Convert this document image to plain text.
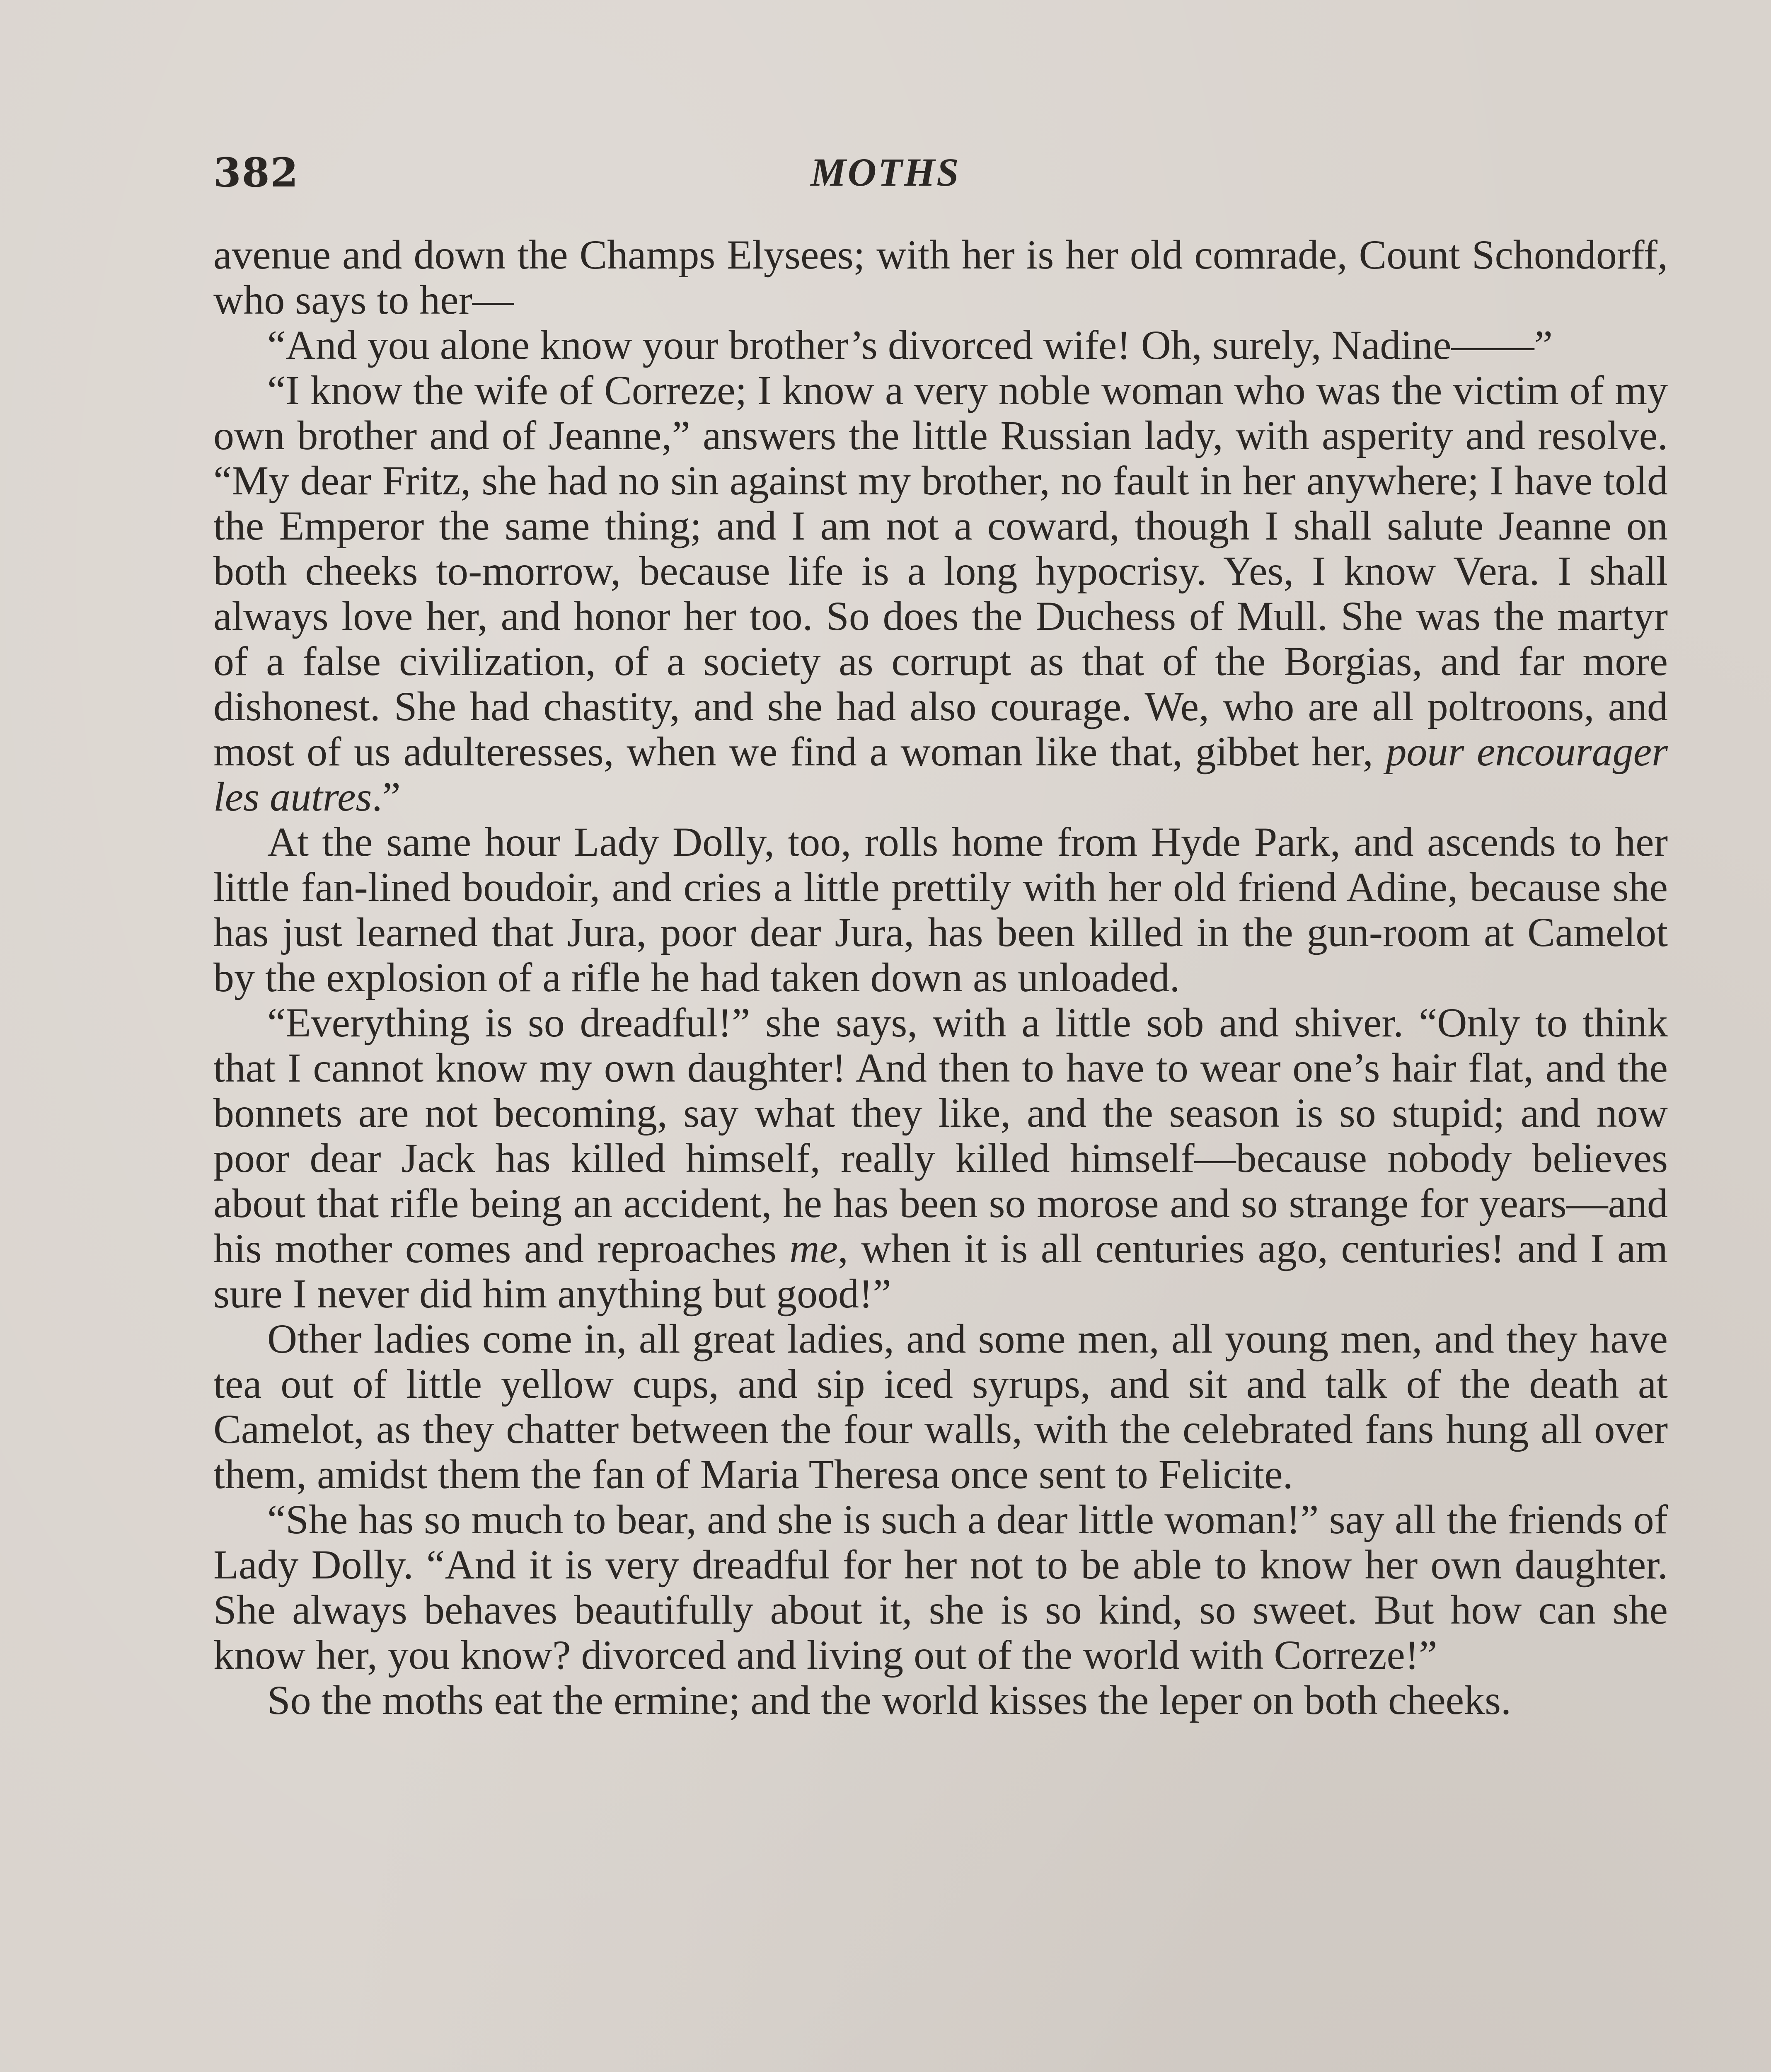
382	MOTHS

avenue and down the Champs Elysees; with her is her old comrade, Count Schondorff, who says to her—

“And you alone know your brother’s divorced wife! Oh, surely, Nadine——”

“I know the wife of Correze; I know a very noble woman who was the victim of my own brother and of Jeanne,” answers the little Russian lady, with asperity and resolve. “My dear Fritz, she had no sin against my brother, no fault in her anywhere; I have told the Emperor the same thing; and I am not a coward, though I shall salute Jeanne on both cheeks to-morrow, because life is a long hypocrisy. Yes, I know Vera. I shall always love her, and honor her too. So does the Duchess of Mull. She was the martyr of a false civilization, of a society as corrupt as that of the Borgias, and far more dishonest. She had chastity, and she had also courage. We, who are all poltroons, and most of us adulteresses, when we find a woman like that, gibbet her, pour encourager les autres.”

At the same hour Lady Dolly, too, rolls home from Hyde Park, and ascends to her little fan-lined boudoir, and cries a little prettily with her old friend Adine, because she has just learned that Jura, poor dear Jura, has been killed in the gun-room at Camelot by the explosion of a rifle he had taken down as unloaded.

“Everything is so dreadful!” she says, with a little sob and shiver. “Only to think that I cannot know my own daughter! And then to have to wear one’s hair flat, and the bonnets are not becoming, say what they like, and the season is so stupid; and now poor dear Jack has killed himself, really killed himself—because nobody believes about that rifle being an accident, he has been so morose and so strange for years—and his mother comes and reproaches me, when it is all centuries ago, centuries! and I am sure I never did him anything but good!”

Other ladies come in, all great ladies, and some men, all young men, and they have tea out of little yellow cups, and sip iced syrups, and sit and talk of the death at Camelot, as they chatter between the four walls, with the celebrated fans hung all over them, amidst them the fan of Maria Theresa once sent to Felicite.

“She has so much to bear, and she is such a dear little woman!” say all the friends of Lady Dolly. “And it is very dreadful for her not to be able to know her own daughter. She always behaves beautifully about it, she is so kind, so sweet. But how can she know her, you know? divorced and living out of the world with Correze!”

So the moths eat the ermine; and the world kisses the leper on both cheeks.
